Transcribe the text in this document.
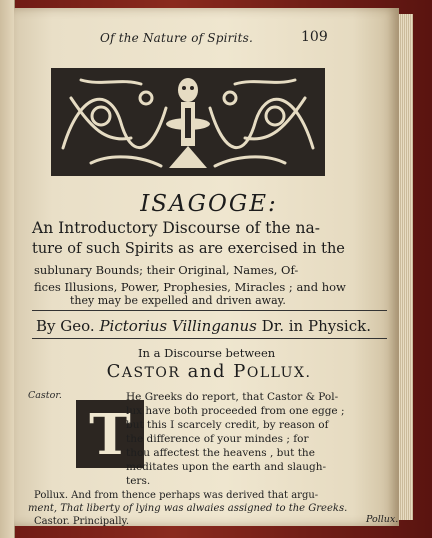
Of the Nature of Spirits.	109
ISAGOGE:
An Introductory Discourse of the na-
ture of such Spirits as are exercised in the
sublunary Bounds; their Original, Names, Of-
fices Illusions, Power, Prophesies, Miracles ; and how
they may be expelled and driven away.
By Geo. Pictorius Villinganus Dr. in Physick.
In a Discourse between
CASTOR and POLLUX.
Castor.
T
He Greeks do report, that Castor & Pol-
lux have both proceeded from one egge ;
but this I scarcely credit, by reason of
the difference of your mindes ; for
thou affectest the heavens , but the
meditates upon the earth and slaugh-
ters.
Pollux. And from thence perhaps was derived that argu-
ment, That liberty of lying was alwaies assigned to the Greeks.
Castor. Principally.	Pollux.
